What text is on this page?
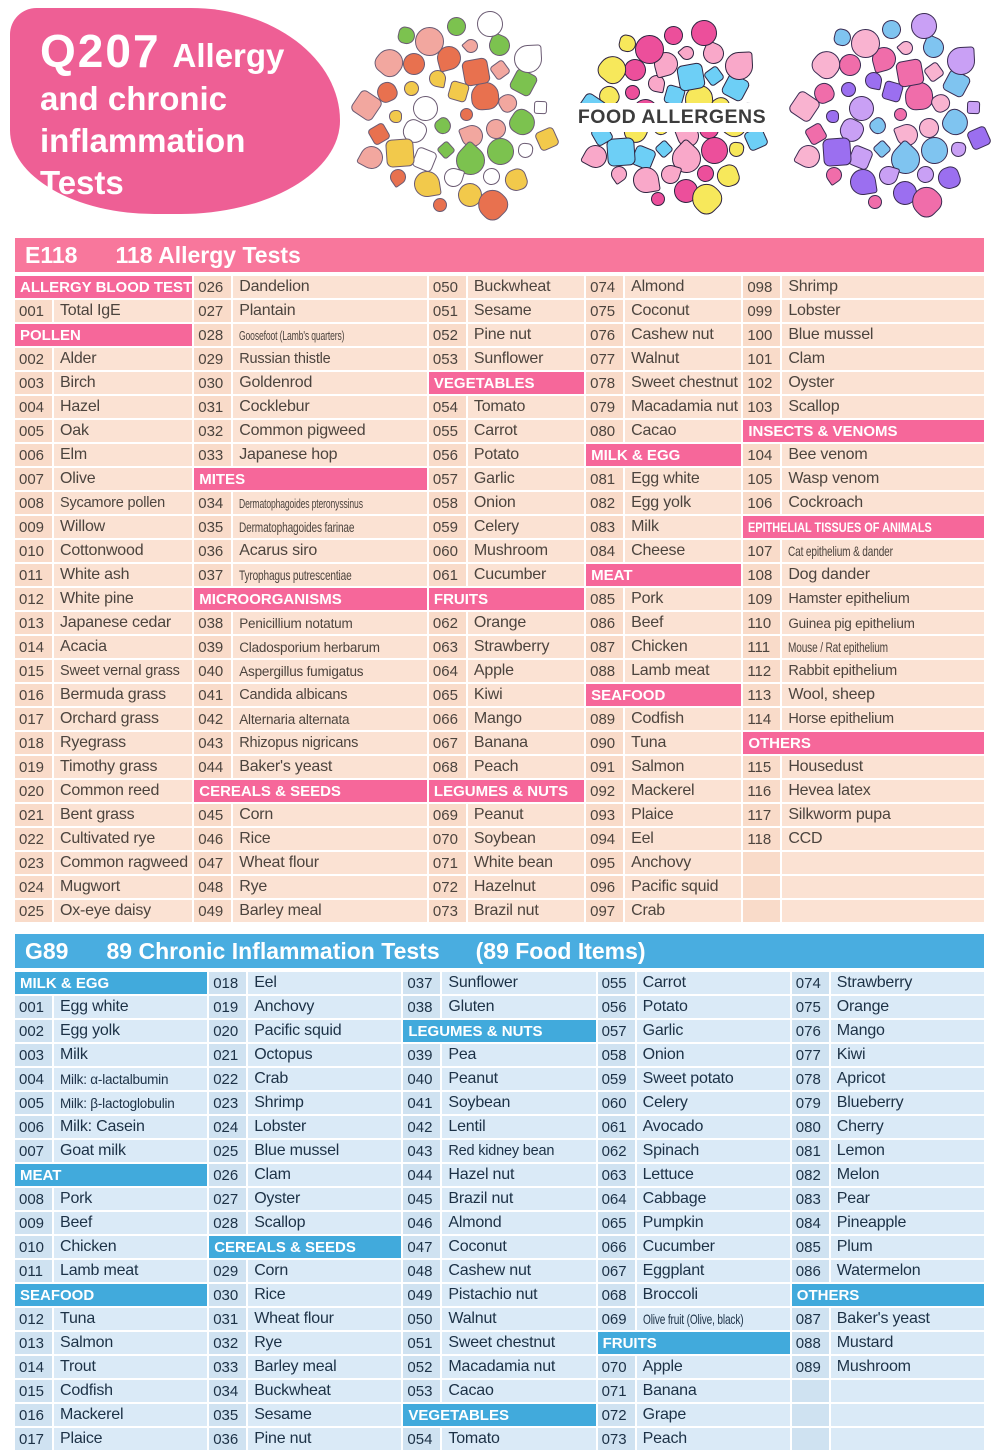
Q207 Allergy
and chronic
inflammation
Tests
FOOD ALLERGENS
E118 118 Allergy Tests
ALLERGY BLOOD TEST
001 Total IgE
POLLEN
002 Alder
003 Birch
004 Hazel
005 Oak
006 Elm
007 Olive
008	Sycamore pollen
009 Willow
010 Cottonwood
011	White ash
012 White pine
013 Japanese cedar
014 Acacia
015	Sweet vernal grass
016 Bermuda grass
017 Orchard grass
018 Ryegrass
019 Timothy grass
020 Common reed
021 Bent grass
022 Cultivated rye
023 Common ragweed
024 Mugwort
025 Ox-eye daisy
026 Dandelion
027 Plantain
028	Goosefoot (Lamb's quarters)
029	Russian thistle
030 Goldenrod
031 Cocklebur
032 Common pigweed
033 Japanese hop
MITES
034	Dermatophagoides pteronyssinus
035	Dermatophagoides farinae
036 Acarus siro
037	Tyrophagus putrescentiae
MICROORGANISMS
038	Penicillium notatum
039	Cladosporium herbarum
040	Aspergillus fumigatus
041	Candida albicans
042	Alternaria alternata
043	Rhizopus nigricans
044 Baker's yeast
CEREALS & SEEDS
045 Corn
046 Rice
047 Wheat flour
048 Rye
049 Barley meal
050 Buckwheat
051 Sesame
052 Pine nut
053 Sunflower
VEGETABLES
054 Tomato
055 Carrot
056 Potato
057 Garlic
058 Onion
059 Celery
060 Mushroom
061 Cucumber
FRUITS
062 Orange
063 Strawberry
064 Apple
065 Kiwi
066 Mango
067 Banana
068 Peach
LEGUMES & NUTS
069 Peanut
070 Soybean
071 White bean
072 Hazelnut
073 Brazil nut
074 Almond
075 Coconut
076 Cashew nut
077 Walnut
078 Sweet chestnut
079 Macadamia nut
080 Cacao
MILK & EGG
081 Egg white
082 Egg yolk
083 Milk
084 Cheese
MEAT
085 Pork
086 Beef
087 Chicken
088 Lamb meat
SEAFOOD
089 Codfish
090 Tuna
091 Salmon
092 Mackerel
093 Plaice
094 Eel
095 Anchovy
096 Pacific squid
097 Crab
098 Shrimp
099 Lobster
100 Blue mussel
101 Clam
102 Oyster
103 Scallop
INSECTS & VENOMS
104 Bee venom
105 Wasp venom
106 Cockroach
EPITHELIAL TISSUES OF ANIMALS
107	Cat epithelium & dander
108 Dog dander
109	Hamster epithelium
110	Guinea pig epithelium
111	Mouse / Rat epithelium
112	Rabbit epithelium
113	Wool, sheep
114	Horse epithelium
OTHERS
115	Housedust
116	Hevea latex
117	Silkworm pupa
118	CCD
G89 89 Chronic Inflammation Tests (89 Food Items)
MILK & EGG
001 Egg white
002 Egg yolk
003 Milk
004	Milk: α-lactalbumin
005	Milk: β-lactoglobulin
006 Milk: Casein
007 Goat milk
MEAT
008 Pork
009 Beef
010 Chicken
011	Lamb meat
SEAFOOD
012 Tuna
013 Salmon
014 Trout
015 Codfish
016 Mackerel
017 Plaice
018 Eel
019 Anchovy
020 Pacific squid
021 Octopus
022 Crab
023 Shrimp
024 Lobster
025 Blue mussel
026 Clam
027 Oyster
028 Scallop
CEREALS & SEEDS
029 Corn
030 Rice
031 Wheat flour
032 Rye
033 Barley meal
034 Buckwheat
035 Sesame
036 Pine nut
037 Sunflower
038 Gluten
LEGUMES & NUTS
039 Pea
040 Peanut
041 Soybean
042 Lentil
043	Red kidney bean
044 Hazel nut
045 Brazil nut
046 Almond
047 Coconut
048 Cashew nut
049 Pistachio nut
050 Walnut
051 Sweet chestnut
052 Macadamia nut
053 Cacao
VEGETABLES
054 Tomato
055 Carrot
056 Potato
057 Garlic
058 Onion
059 Sweet potato
060 Celery
061 Avocado
062 Spinach
063 Lettuce
064 Cabbage
065 Pumpkin
066 Cucumber
067 Eggplant
068 Broccoli
069	Olive fruit (Olive, black)
FRUITS
070 Apple
071 Banana
072 Grape
073 Peach
074 Strawberry
075 Orange
076 Mango
077 Kiwi
078 Apricot
079 Blueberry
080 Cherry
081 Lemon
082 Melon
083 Pear
084 Pineapple
085 Plum
086 Watermelon
OTHERS
087 Baker's yeast
088 Mustard
089 Mushroom
